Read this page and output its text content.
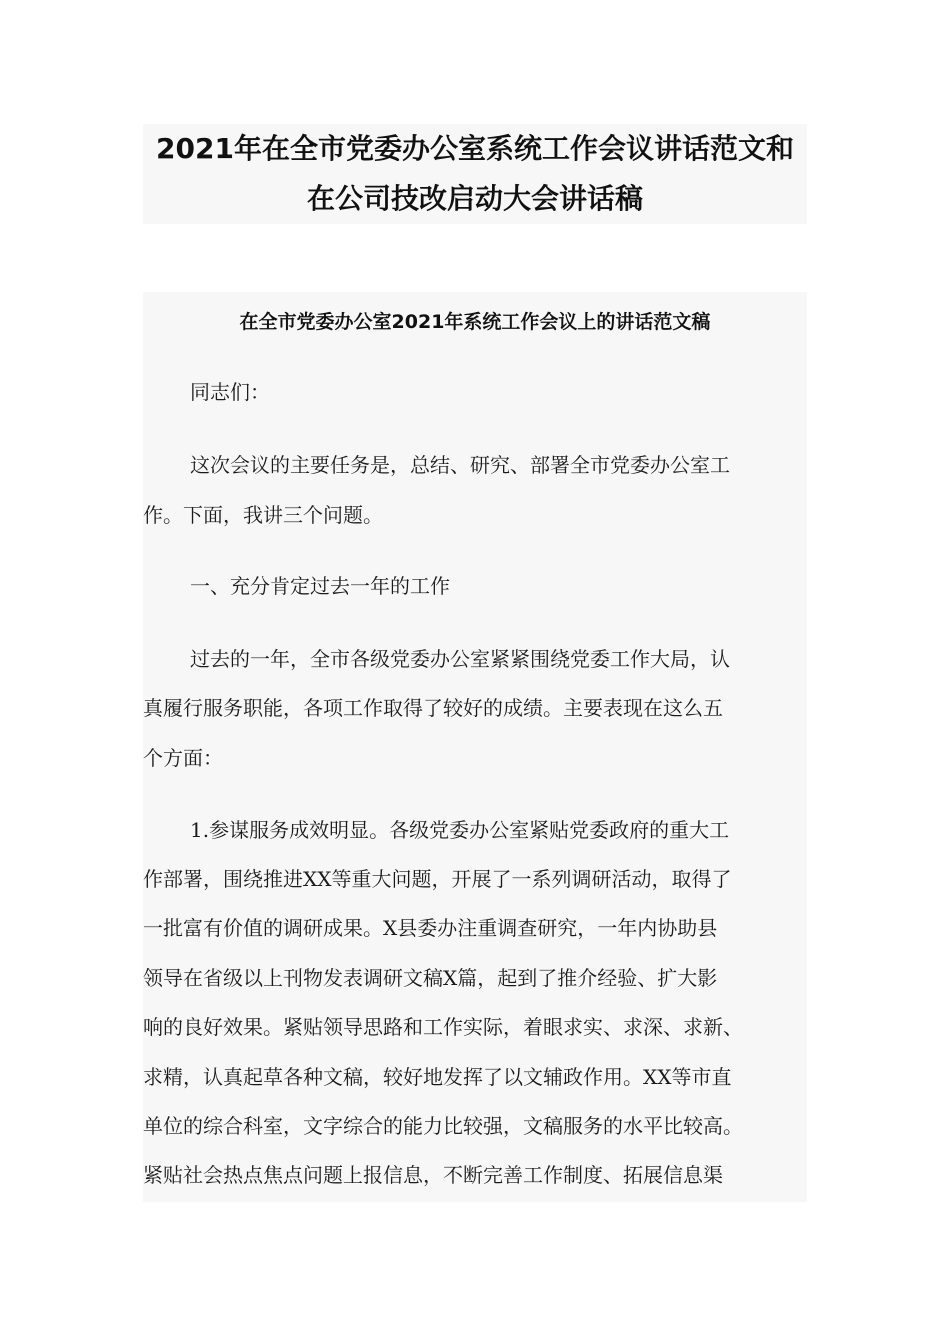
2021年在全市党委办公室系统工作会议讲话范文和
在公司技改启动大会讲话稿
在全市党委办公室2021年系统工作会议上的讲话范文稿
同志们：
这次会议的主要任务是，总结、研究、部署全市党委办公室工
作。下面，我讲三个问题。
一、充分肯定过去一年的工作
过去的一年，全市各级党委办公室紧紧围绕党委工作大局，认
真履行服务职能，各项工作取得了较好的成绩。主要表现在这么五
个方面：
1.参谋服务成效明显。各级党委办公室紧贴党委政府的重大工
作部署，围绕推进XX等重大问题，开展了一系列调研活动，取得了
一批富有价值的调研成果。X县委办注重调查研究，一年内协助县
领导在省级以上刊物发表调研文稿X篇，起到了推介经验、扩大影
响的良好效果。紧贴领导思路和工作实际，着眼求实、求深、求新、
求精，认真起草各种文稿，较好地发挥了以文辅政作用。XX等市直
单位的综合科室，文字综合的能力比较强，文稿服务的水平比较高。
紧贴社会热点焦点问题上报信息，不断完善工作制度、拓展信息渠
